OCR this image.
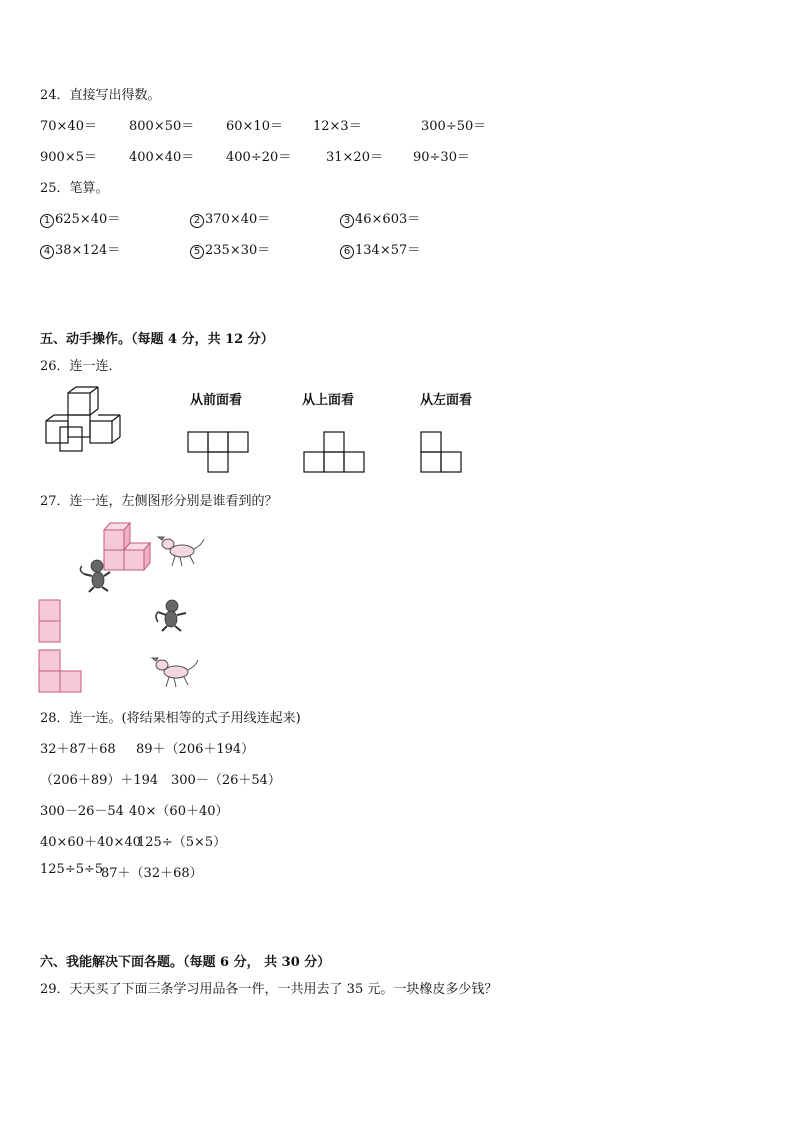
24．直接写出得数。
70×40＝ 800×50＝ 60×10＝ 12×3＝	300÷50＝
900×5＝ 400×40＝ 400÷20＝	31×20＝ 90÷30＝
25．笔算。
1 625×40＝	2 370×40＝	3 46×603＝
4 38×124＝	5 235×30＝	6 134×57＝
五、动手操作。（每题 4 分，共 12 分）
26．连一连．
从前面看	从上面看	从左面看
27．连一连，左侧图形分别是谁看到的？
28．连一连。(将结果相等的式子用线连起来)
32＋87＋68 89＋（206＋194）
（206＋89）＋194 300－（26＋54）
300－26－54 40×（60＋40）
40×60＋40×40
125÷（5×5）
125÷5÷5
87＋（32＋68）
六、我能解决下面各题。（每题 6 分， 共 30 分）
29．天天买了下面三条学习用品各一件，一共用去了 35 元。一块橡皮多少钱？
